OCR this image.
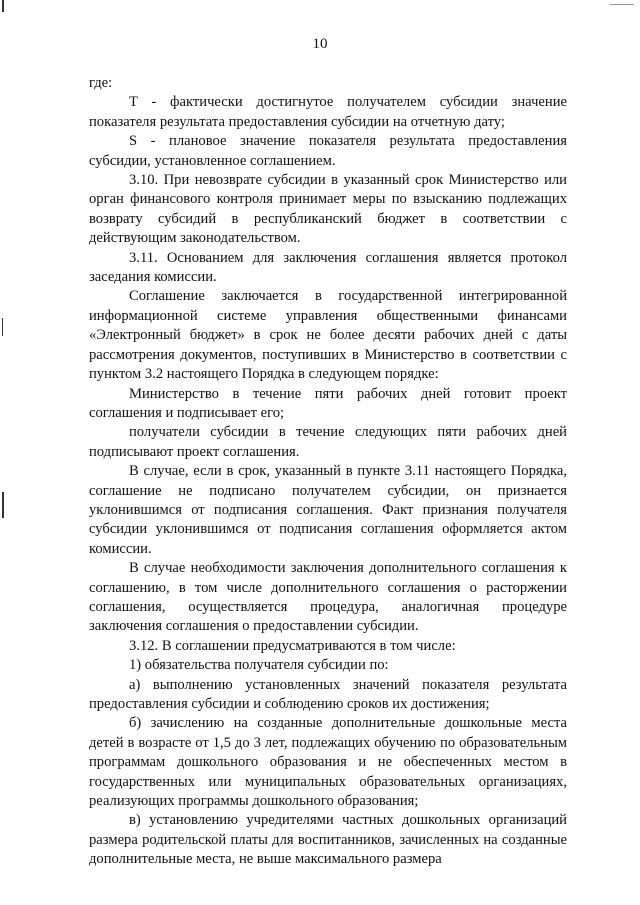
10

где:

T - фактически достигнутое получателем субсидии значение показателя результата предоставления субсидии на отчетную дату;

S - плановое значение показателя результата предоставления субсидии, установленное соглашением.

3.10. При невозврате субсидии в указанный срок Министерство или орган финансового контроля принимает меры по взысканию подлежащих возврату субсидий в республиканский бюджет в соответствии с действующим законодательством.

3.11. Основанием для заключения соглашения является протокол заседания комиссии.

Соглашение заключается в государственной интегрированной информационной системе управления общественными финансами «Электронный бюджет» в срок не более десяти рабочих дней с даты рассмотрения документов, поступивших в Министерство в соответствии с пунктом 3.2 настоящего Порядка в следующем порядке:

Министерство в течение пяти рабочих дней готовит проект соглашения и подписывает его;

получатели субсидии в течение следующих пяти рабочих дней подписывают проект соглашения.

В случае, если в срок, указанный в пункте 3.11 настоящего Порядка, соглашение не подписано получателем субсидии, он признается уклонившимся от подписания соглашения. Факт признания получателя субсидии уклонившимся от подписания соглашения оформляется актом комиссии.

В случае необходимости заключения дополнительного соглашения к соглашению, в том числе дополнительного соглашения о расторжении соглашения, осуществляется процедура, аналогичная процедуре заключения соглашения о предоставлении субсидии.

3.12. В соглашении предусматриваются в том числе:

1) обязательства получателя субсидии по:

а) выполнению установленных значений показателя результата предоставления субсидии и соблюдению сроков их достижения;

б) зачислению на созданные дополнительные дошкольные места детей в возрасте от 1,5 до 3 лет, подлежащих обучению по образовательным программам дошкольного образования и не обеспеченных местом в государственных или муниципальных образовательных организациях, реализующих программы дошкольного образования;

в) установлению учредителями частных дошкольных организаций размера родительской платы для воспитанников, зачисленных на созданные дополнительные места, не выше максимального размера
